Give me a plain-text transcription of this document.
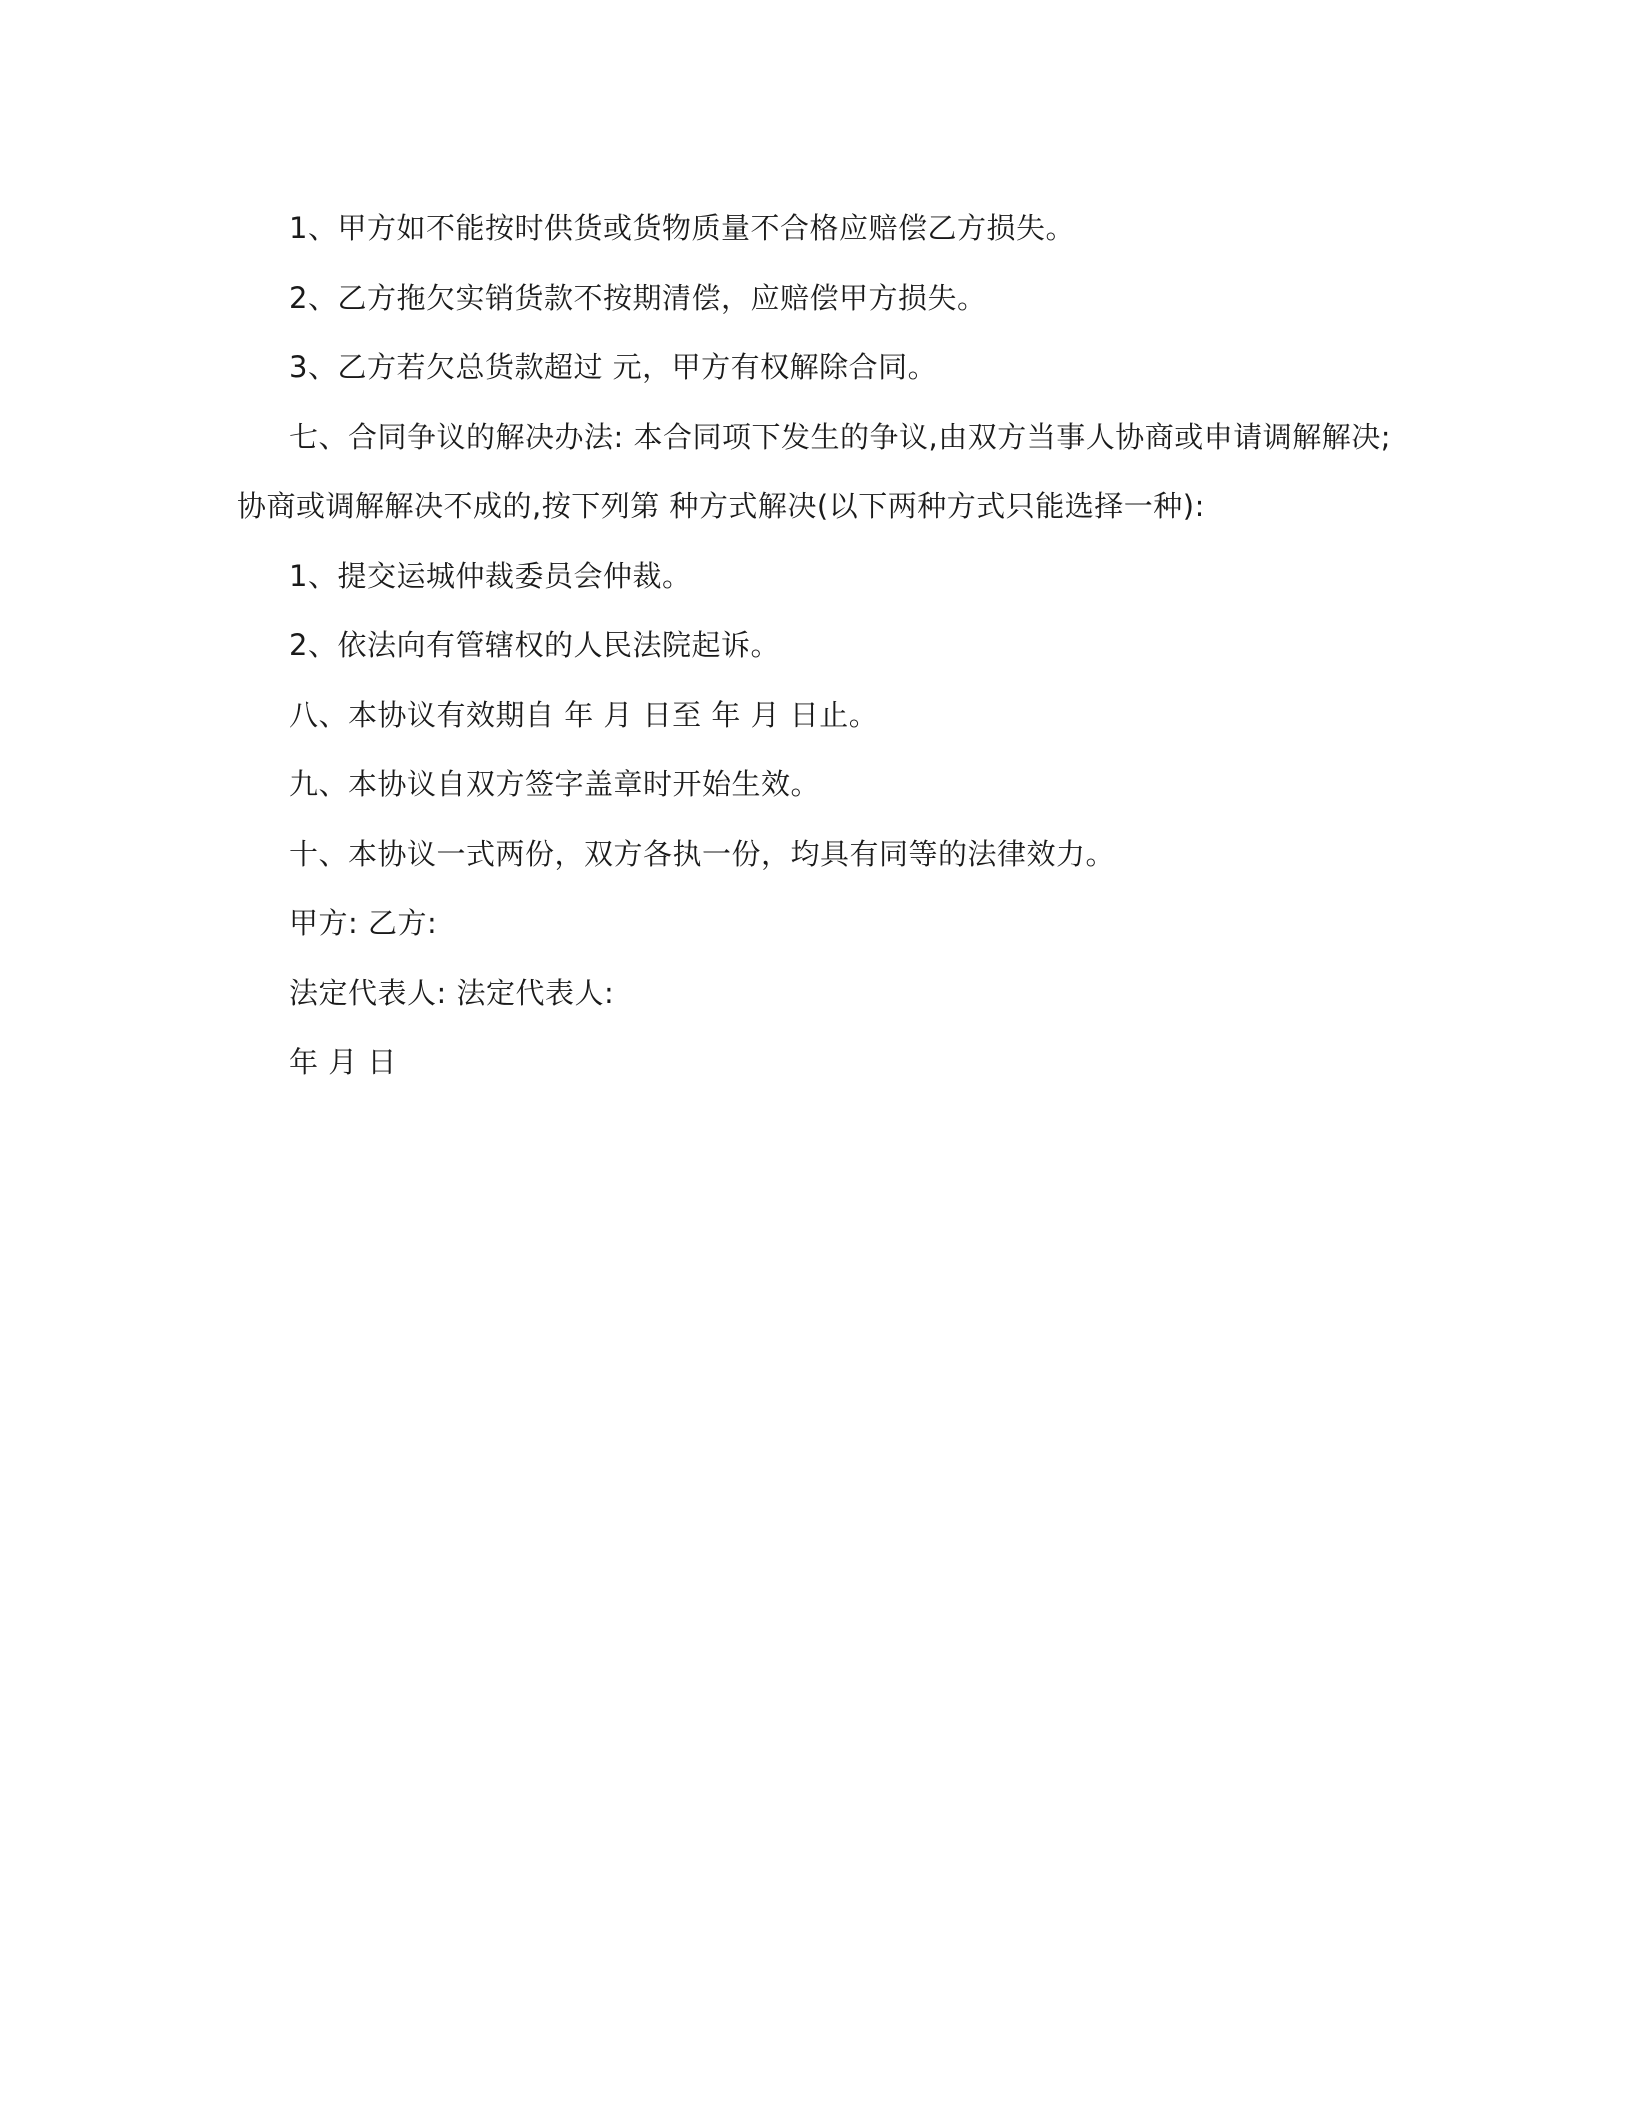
1、甲方如不能按时供货或货物质量不合格应赔偿乙方损失。

2、乙方拖欠实销货款不按期清偿，应赔偿甲方损失。

3、乙方若欠总货款超过 元，甲方有权解除合同。

七、合同争议的解决办法: 本合同项下发生的争议,由双方当事人协商或申请调解解决;协商或调解解决不成的,按下列第 种方式解决(以下两种方式只能选择一种):

1、提交运城仲裁委员会仲裁。

2、依法向有管辖权的人民法院起诉。

八、本协议有效期自 年 月 日至 年 月 日止。

九、本协议自双方签字盖章时开始生效。

十、本协议一式两份，双方各执一份，均具有同等的法律效力。

甲方: 乙方:

法定代表人: 法定代表人:

年 月 日
